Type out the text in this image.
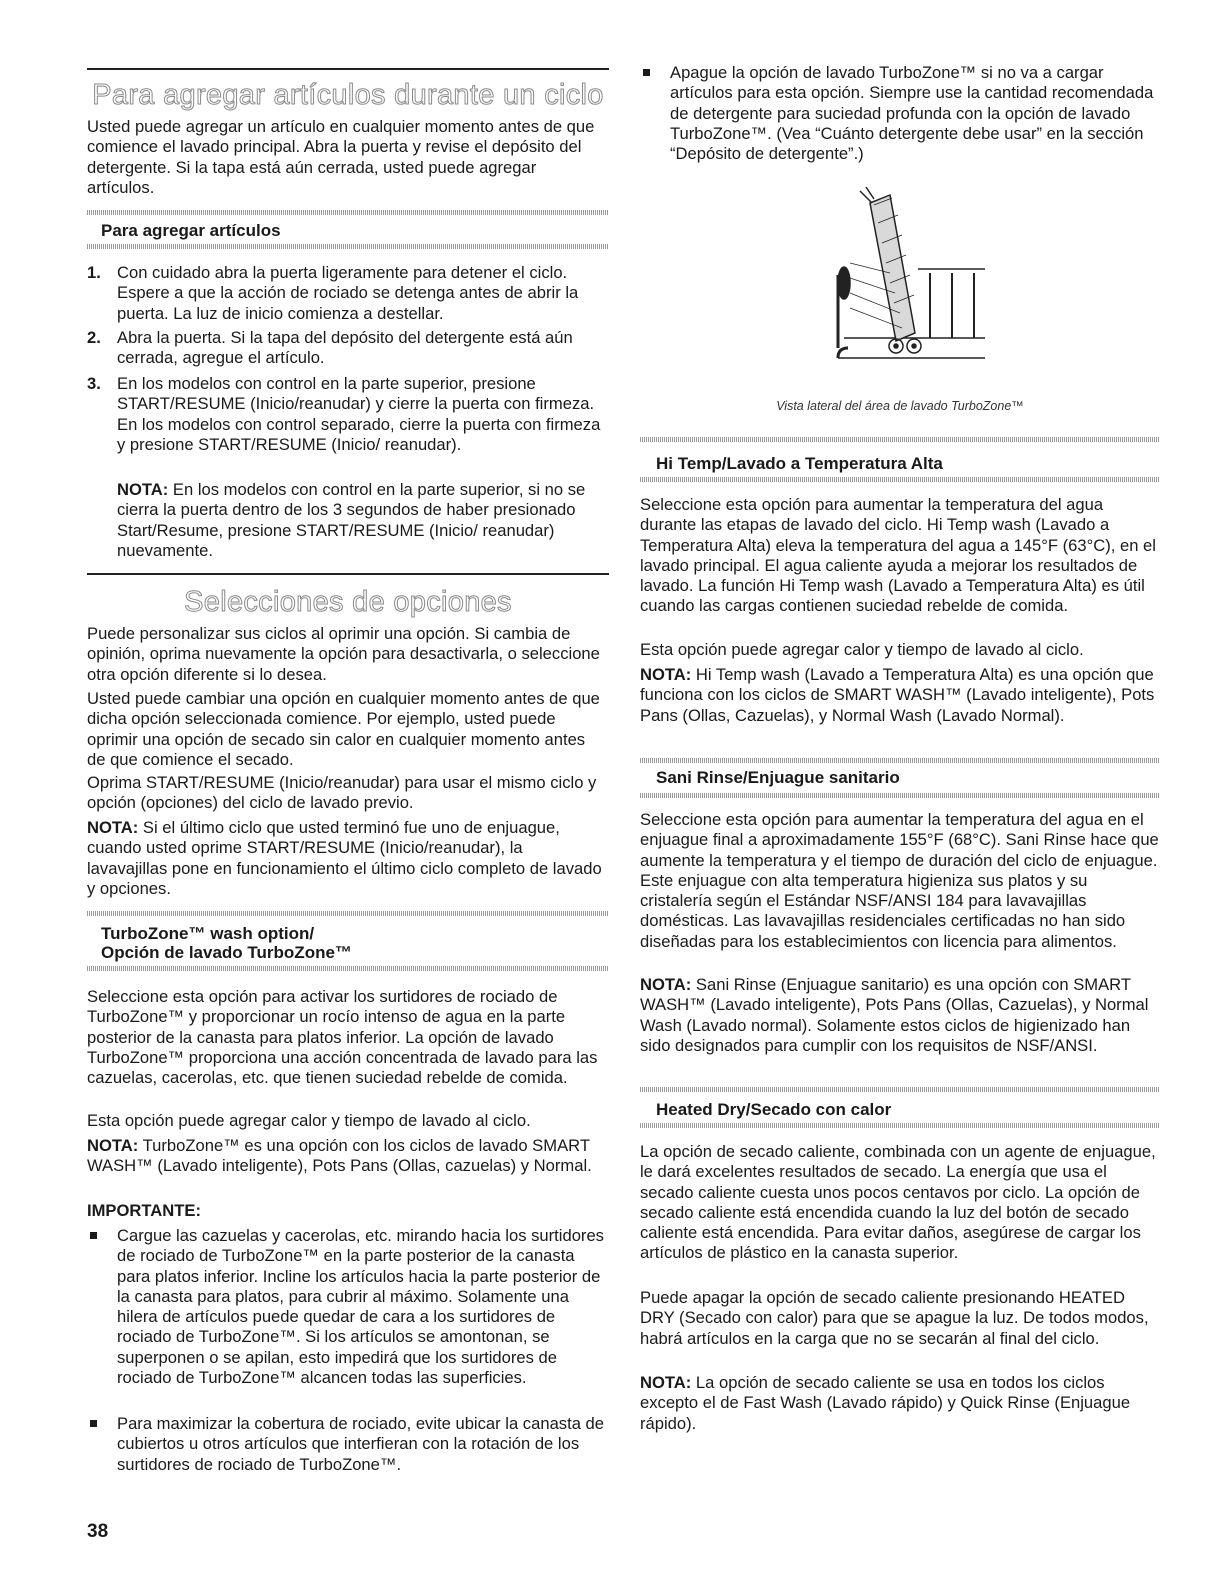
Para agregar artículos durante un ciclo

Usted puede agregar un artículo en cualquier momento antes de que comience el lavado principal. Abra la puerta y revise el depósito del detergente. Si la tapa está aún cerrada, usted puede agregar artículos.

Para agregar artículos
1. Con cuidado abra la puerta ligeramente para detener el ciclo. Espere a que la acción de rociado se detenga antes de abrir la puerta. La luz de inicio comienza a destellar.

2. Abra la puerta. Si la tapa del depósito del detergente está aún cerrada, agregue el artículo.

3. En los modelos con control en la parte superior, presione START/RESUME (Inicio/reanudar) y cierre la puerta con firmeza. En los modelos con control separado, cierre la puerta con firmeza y presione START/RESUME (Inicio/ reanudar).

NOTA: En los modelos con control en la parte superior, si no se cierra la puerta dentro de los 3 segundos de haber presionado Start/Resume, presione START/RESUME (Inicio/ reanudar) nuevamente.

Selecciones de opciones

Puede personalizar sus ciclos al oprimir una opción. Si cambia de opinión, oprima nuevamente la opción para desactivarla, o seleccione otra opción diferente si lo desea.

Usted puede cambiar una opción en cualquier momento antes de que dicha opción seleccionada comience. Por ejemplo, usted puede oprimir una opción de secado sin calor en cualquier momento antes de que comience el secado.

Oprima START/RESUME (Inicio/reanudar) para usar el mismo ciclo y opción (opciones) del ciclo de lavado previo.

NOTA: Si el último ciclo que usted terminó fue uno de enjuague, cuando usted oprime START/RESUME (Inicio/reanudar), la lavavajillas pone en funcionamiento el último ciclo completo de lavado y opciones.

TurboZone™ wash option/
Opción de lavado TurboZone™

Seleccione esta opción para activar los surtidores de rociado de TurboZone™ y proporcionar un rocío intenso de agua en la parte posterior de la canasta para platos inferior. La opción de lavado TurboZone™ proporciona una acción concentrada de lavado para las cazuelas, cacerolas, etc. que tienen suciedad rebelde de comida.

Esta opción puede agregar calor y tiempo de lavado al ciclo.

NOTA: TurboZone™ es una opción con los ciclos de lavado SMART WASH™ (Lavado inteligente), Pots Pans (Ollas, cazuelas) y Normal.

IMPORTANTE:

Cargue las cazuelas y cacerolas, etc. mirando hacia los surtidores de rociado de TurboZone™ en la parte posterior de la canasta para platos inferior. Incline los artículos hacia la parte posterior de la canasta para platos, para cubrir al máximo. Solamente una hilera de artículos puede quedar de cara a los surtidores de rociado de TurboZone™. Si los artículos se amontonan, se superponen o se apilan, esto impedirá que los surtidores de rociado de TurboZone™ alcancen todas las superficies.

Para maximizar la cobertura de rociado, evite ubicar la canasta de cubiertos u otros artículos que interfieran con la rotación de los surtidores de rociado de TurboZone™.

Apague la opción de lavado TurboZone™ si no va a cargar artículos para esta opción. Siempre use la cantidad recomendada de detergente para suciedad profunda con la opción de lavado TurboZone™. (Vea “Cuánto detergente debe usar” en la sección “Depósito de detergente”.)

Vista lateral del área de lavado TurboZone™
Hi Temp/Lavado a Temperatura Alta

Seleccione esta opción para aumentar la temperatura del agua durante las etapas de lavado del ciclo. Hi Temp wash (Lavado a Temperatura Alta) eleva la temperatura del agua a 145°F (63°C), en el lavado principal. El agua caliente ayuda a mejorar los resultados de lavado. La función Hi Temp wash (Lavado a Temperatura Alta) es útil cuando las cargas contienen suciedad rebelde de comida.

Esta opción puede agregar calor y tiempo de lavado al ciclo.

NOTA: Hi Temp wash (Lavado a Temperatura Alta) es una opción que funciona con los ciclos de SMART WASH™ (Lavado inteligente), Pots Pans (Ollas, Cazuelas), y Normal Wash (Lavado Normal).

Sani Rinse/Enjuague sanitario

Seleccione esta opción para aumentar la temperatura del agua en el enjuague final a aproximadamente 155°F (68°C). Sani Rinse hace que aumente la temperatura y el tiempo de duración del ciclo de enjuague. Este enjuague con alta temperatura higieniza sus platos y su cristalería según el Estándar NSF/ANSI 184 para lavavajillas domésticas. Las lavavajillas residenciales certificadas no han sido diseñadas para los establecimientos con licencia para alimentos.

NOTA: Sani Rinse (Enjuague sanitario) es una opción con SMART WASH™ (Lavado inteligente), Pots Pans (Ollas, Cazuelas), y Normal Wash (Lavado normal). Solamente estos ciclos de higienizado han sido designados para cumplir con los requisitos de NSF/ANSI.

Heated Dry/Secado con calor

La opción de secado caliente, combinada con un agente de enjuague, le dará excelentes resultados de secado. La energía que usa el secado caliente cuesta unos pocos centavos por ciclo. La opción de secado caliente está encendida cuando la luz del botón de secado caliente está encendida. Para evitar daños, asegúrese de cargar los artículos de plástico en la canasta superior.

Puede apagar la opción de secado caliente presionando HEATED DRY (Secado con calor) para que se apague la luz. De todos modos, habrá artículos en la carga que no se secarán al final del ciclo.

NOTA: La opción de secado caliente se usa en todos los ciclos excepto el de Fast Wash (Lavado rápido) y Quick Rinse (Enjuague rápido).

38
